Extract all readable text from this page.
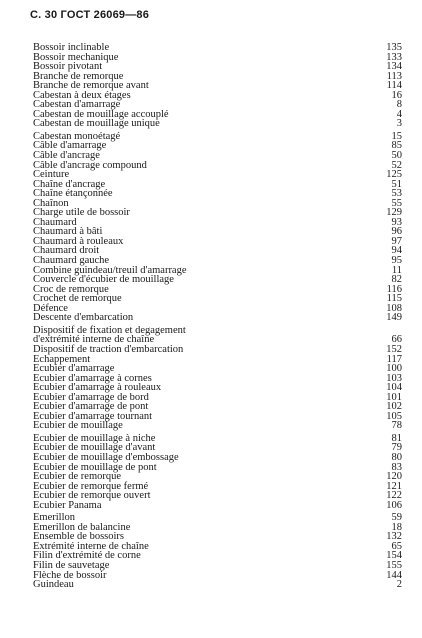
С. 30 ГОСТ 26069—86
Bossoir inclinable	135
Bossoir mechanique	133
Bossoir pivotant	134
Branche de remorque	113
Branche de remorque avant	114
Cabestan à deux étages	16
Cabestan d'amarrage	8
Cabestan de mouillage accouplé	4
Cabestan de mouillage unique	3
Cabestan monoétagé	15
Câble d'amarrage	85
Câble d'ancrage	50
Câble d'ancrage compound	52
Ceinture	125
Chaîne d'ancrage	51
Chaîne étançonnée	53
Chaînon	55
Charge utile de bossoir	129
Chaumard	93
Chaumard à bâti	96
Chaumard à rouleaux	97
Chaumard droit	94
Chaumard gauche	95
Combine guindeau/treuil d'amarrage	11
Couvercle d'écubier de mouillage	82
Croc de remorque	116
Crochet de remorque	115
Défence	108
Descente d'embarcation	149
Dispositif de fixation et degagement
d'extrémité interne de chaîne	66
Dispositif de traction d'embarcation	152
Echappement	117
Ecubier d'amarrage	100
Ecubier d'amarrage à cornes	103
Ecubier d'amarrage à rouleaux	104
Ecubier d'amarrage de bord	101
Ecubier d'amarrage de pont	102
Ecubier d'amarrage tournant	105
Ecubier de mouillage	78
Ecubier de mouillage à niche	81
Ecubier de mouillage d'avant	79
Ecubier de mouillage d'embossage	80
Ecubier de mouillage de pont	83
Ecubier de remorque	120
Ecubier de remorque fermé	121
Ecubier de remorque ouvert	122
Ecubier Panama	106
Emerillon	59
Emerillon de balancine	18
Ensemble de bossoirs	132
Extrémité interne de chaîne	65
Filin d'extrémité de corne	154
Filin de sauvetage	155
Flèche de bossoir	144
Guindeau	2
